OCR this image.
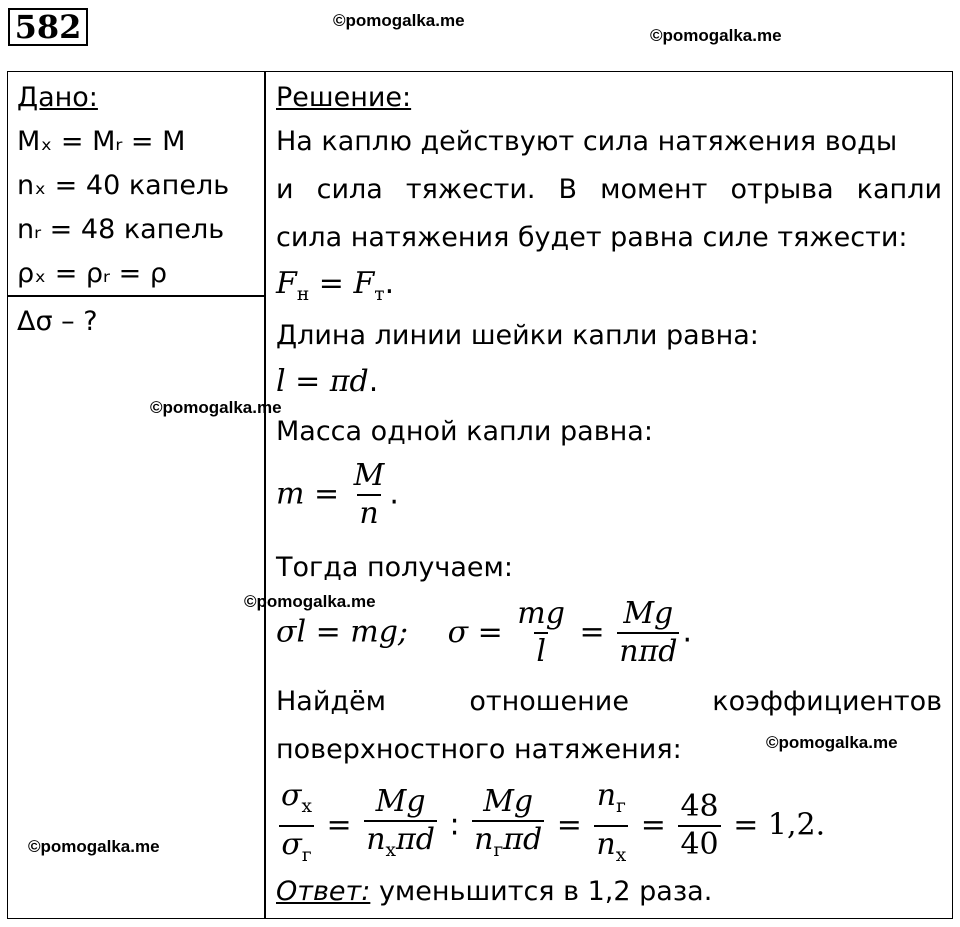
582	©pomogalka.me
©pomogalka.me
Дано:
Mₓ = Mᵣ = M
nₓ = 40 капель
nᵣ = 48 капель
ρₓ = ρᵣ = ρ
Δσ – ?
Решение:
На каплю действуют сила натяжения воды
и сила тяжести. В момент отрыва капли
сила натяжения будет равна силе тяжести:
$F_н = F_т$.
Длина линии шейки капли равна:
l = πd.
Масса одной капли равна:
$m = \frac{M}{n}$ .
Тогда получаем:
σl = mg; $\sigma = \frac{mg}{l} = \frac{Mg}{\text{nπd}}$ .
Найдём отношение коэффициентов
поверхностного натяжения:	©pomogalka.me
$\frac{\sigma_х}{\sigma_г} = \frac{Mg}{n_х\pi d}$ : $\frac{Mg}{n_г\pi d} = \frac{n_г}{n_х} = \frac{48}{40} = 1,2$.
Ответ: уменьшится в 1,2 раза.
©pomogalka.me
©pomogalka.me
©pomogalka.me
